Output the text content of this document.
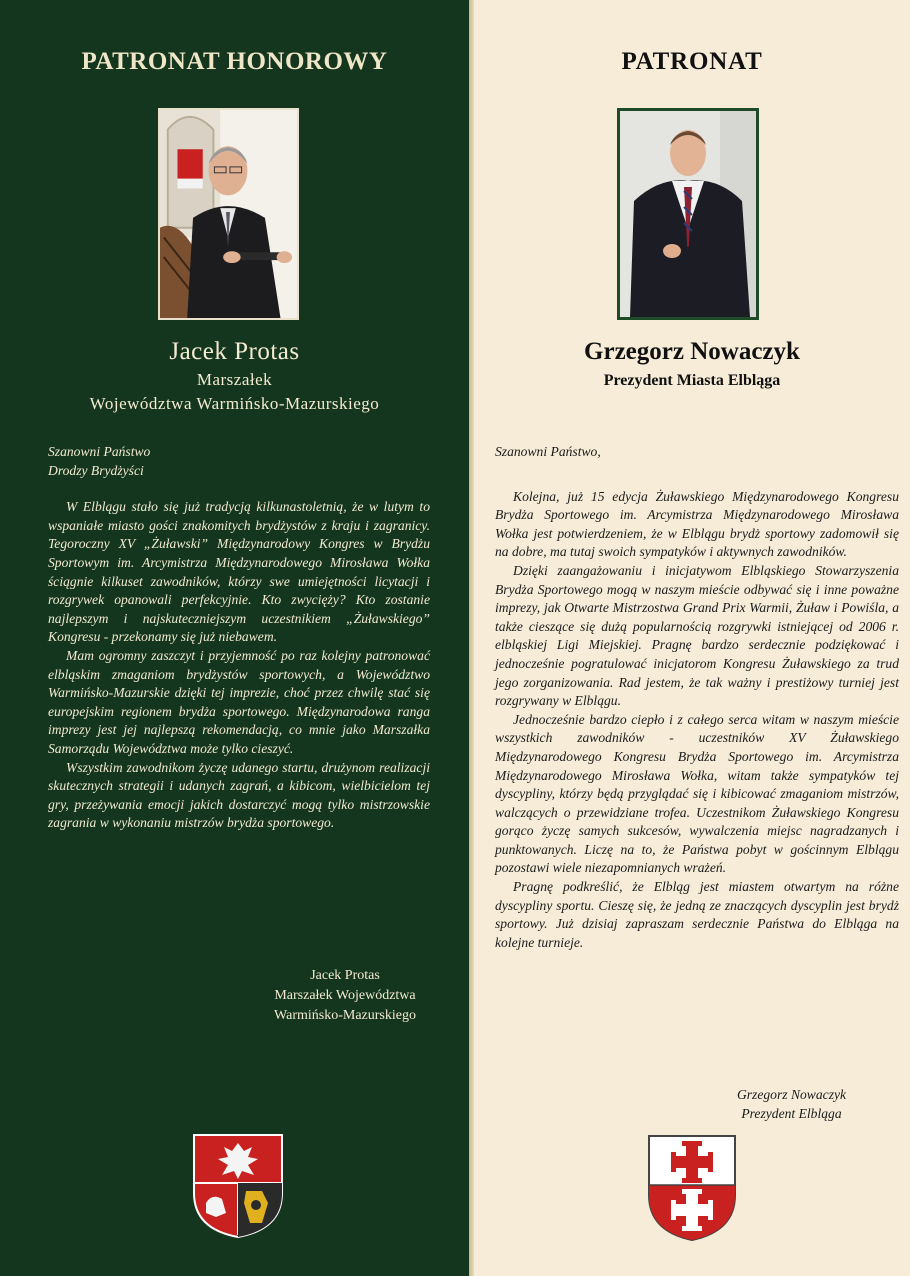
PATRONAT HONOROWY
Jacek Protas
Marszałek
Województwa Warmińsko-Mazurskiego

Szanowni Państwo

Drodzy Brydżyści

W Elblągu stało się już tradycją kilkunastoletnią, że w lutym to wspaniałe miasto gości znakomitych brydżystów z kraju i zagranicy. Tegoroczny XV „Żuławski” Międzynarodowy Kongres w Brydżu Sportowym im. Arcymistrza Międzynarodowego Mirosława Wołka ściągnie kilkuset zawodników, którzy swe umiejętności licytacji i rozgrywek opanowali perfekcyjnie. Kto zwycięży? Kto zostanie najlepszym i najskuteczniejszym uczestnikiem „Żuławskiego” Kongresu - przekonamy się już niebawem.

Mam ogromny zaszczyt i przyjemność po raz kolejny patronować elbląskim zmaganiom brydżystów sportowych, a Województwo Warmińsko-Mazurskie dzięki tej imprezie, choć przez chwilę stać się europejskim regionem brydża sportowego. Międzynarodowa ranga imprezy jest jej najlepszą rekomendacją, co mnie jako Marszałka Samorządu Województwa może tylko cieszyć.

Wszystkim zawodnikom życzę udanego startu, drużynom realizacji skutecznych strategii i udanych zagrań, a kibicom, wielbicielom tej gry, przeżywania emocji jakich dostarczyć mogą tylko mistrzowskie zagrania w wykonaniu mistrzów brydża sportowego.

Jacek Protas
Marszałek Województwa
Warmińsko-Mazurskiego
PATRONAT
Grzegorz Nowaczyk
Prezydent Miasta Elbląga

Szanowni Państwo,

Kolejna, już 15 edycja Żuławskiego Międzynarodowego Kongresu Brydża Sportowego im. Arcymistrza Międzynarodowego Mirosława Wołka jest potwierdzeniem, że w Elblągu brydż sportowy zadomowił się na dobre, ma tutaj swoich sympatyków i aktywnych zawodników.

Dzięki zaangażowaniu i inicjatywom Elbląskiego Stowarzyszenia Brydża Sportowego mogą w naszym mieście odbywać się i inne poważne imprezy, jak Otwarte Mistrzostwa Grand Prix Warmii, Żuław i Powiśla, a także cieszące się dużą popularnością rozgrywki istniejącej od 2006 r. elbląskiej Ligi Miejskiej. Pragnę bardzo serdecznie podziękować i jednocześnie pogratulować inicjatorom Kongresu Żuławskiego za trud jego zorganizowania. Rad jestem, że tak ważny i prestiżowy turniej jest rozgrywany w Elblągu.

Jednocześnie bardzo ciepło i z całego serca witam w naszym mieście wszystkich zawodników - uczestników XV Żuławskiego Międzynarodowego Kongresu Brydża Sportowego im. Arcymistrza Międzynarodowego Mirosława Wołka, witam także sympatyków tej dyscypliny, którzy będą przyglądać się i kibicować zmaganiom mistrzów, walczących o przewidziane trofea. Uczestnikom Żuławskiego Kongresu gorąco życzę samych sukcesów, wywalczenia miejsc nagradzanych i punktowanych. Liczę na to, że Państwa pobyt w gościnnym Elblągu pozostawi wiele niezapomnianych wrażeń.

Pragnę podkreślić, że Elbląg jest miastem otwartym na różne dyscypliny sportu. Cieszę się, że jedną ze znaczących dyscyplin jest brydż sportowy. Już dzisiaj zapraszam serdecznie Państwa do Elbląga na kolejne turnieje.

Grzegorz Nowaczyk
Prezydent Elbląga
